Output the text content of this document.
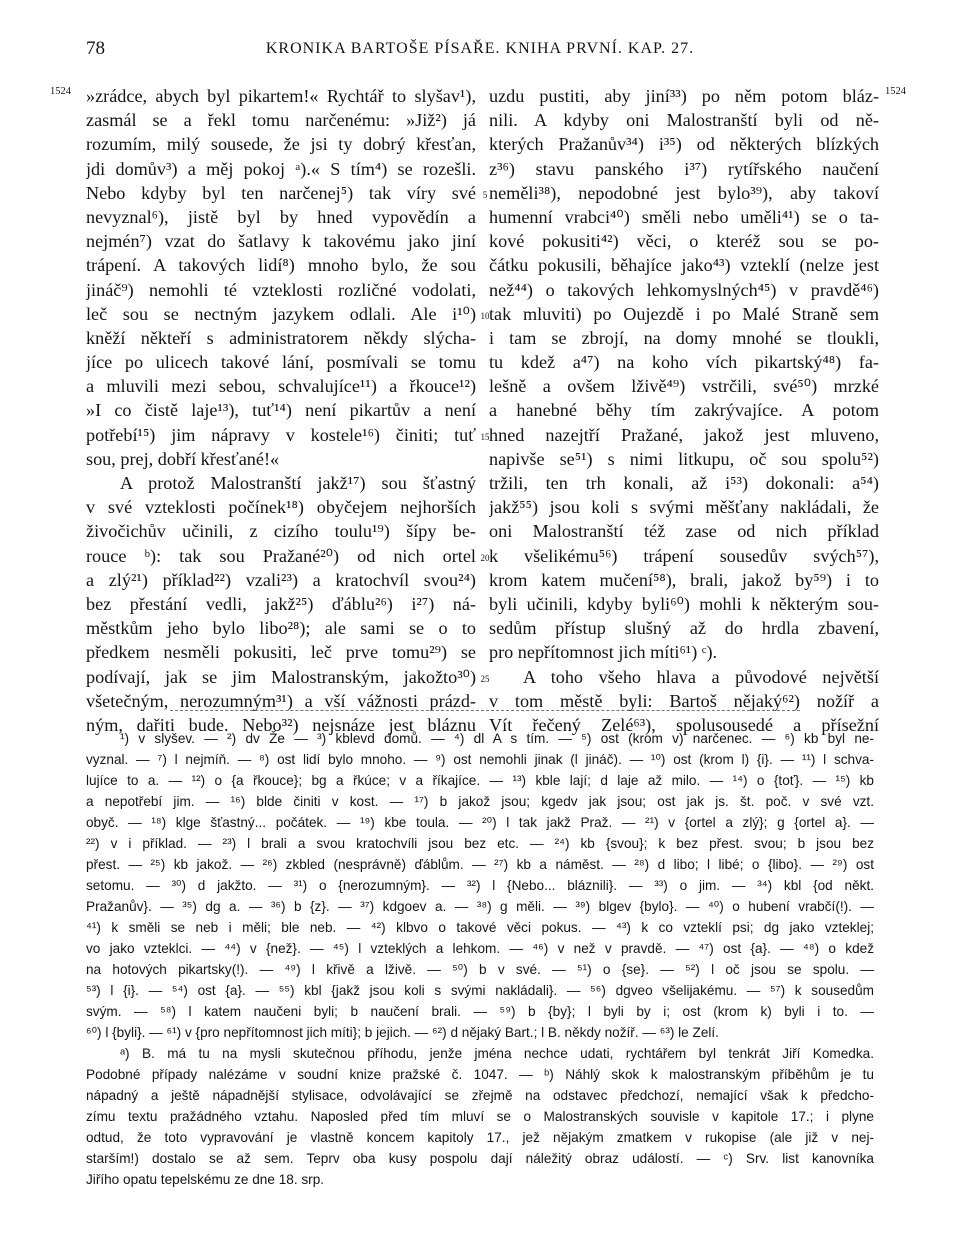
78	KRONIKA BARTOŠE PÍSAŘE. KNIHA PRVNÍ. KAP. 27.
1524	1524
5
10
15
20
25
»zrádce, abych byl pikartem!« Rychtář to slyšav¹),
zasmál se a řekl tomu narčenému: »Již²) já
rozumím, milý sousede, že jsi ty dobrý křesťan,
jdi domův³) a měj pokoj ᵃ).« S tím⁴) se rozešli.
Nebo kdyby byl ten narčenej⁵) tak víry své
nevyznal⁶), jistě byl by hned vypovědín a
nejmén⁷) vzat do šatlavy k takovému jako jiní
trápení. A takových lidí⁸) mnoho bylo, že sou
jináč⁹) nemohli té vzteklosti rozličné vodolati,
leč sou se nectným jazykem odlali. Ale i¹⁰)
kněží někteří s administratorem někdy slýcha-
jíce po ulicech takové lání, posmívali se tomu
a mluvili mezi sebou, schvalujíce¹¹) a řkouce¹²)
»I co čistě laje¹³), tuť¹⁴) není pikartův a není
potřebí¹⁵) jim nápravy v kostele¹⁶) činiti; tuť
sou, prej, dobří křesťané!«
A protož Malostranští jakž¹⁷) sou šťastný
v své vzteklosti počínek¹⁸) obyčejem nejhorších
živočichův učinili, z cizího toulu¹⁹) šípy be-
rouce ᵇ): tak sou Pražané²⁰) od nich ortel
a zlý²¹) příklad²²) vzali²³) a kratochvíl svou²⁴)
bez přestání vedli, jakž²⁵) ďáblu²⁶) i²⁷) ná-
městkům jeho bylo libo²⁸); ale sami se o to
předkem nesměli pokusiti, leč prve tomu²⁹) se
podívají, jak se jim Malostranským, jakožto³⁰)
všetečným, nerozumným³¹) a vší vážnosti prázd-
ným, dařiti bude. Nebo³²) nejsnáze jest bláznu
uzdu pustiti, aby jiní³³) po něm potom bláz-
nili. A kdyby oni Malostranští byli od ně-
kterých Pražanův³⁴) i³⁵) od některých blízkých
z³⁶) stavu panského i³⁷) rytířského naučení
neměli³⁸), nepodobné jest bylo³⁹), aby takoví
humenní vrabci⁴⁰) směli nebo uměli⁴¹) se o ta-
kové pokusiti⁴²) věci, o kteréž sou se po-
čátku pokusili, běhajíce jako⁴³) vzteklí (nelze jest
než⁴⁴) o takových lehkomyslných⁴⁵) v pravdě⁴⁶)
tak mluviti) po Oujezdě i po Malé Straně sem
i tam se zbrojí, na domy mnohé se tloukli,
tu kdež a⁴⁷) na koho vích pikartský⁴⁸) fa-
lešně a ovšem lživě⁴⁹) vstrčili, své⁵⁰) mrzké
a hanebné běhy tím zakrývajíce. A potom
hned nazejtří Pražané, jakož jest mluveno,
napivše se⁵¹) s nimi litkupu, oč sou spolu⁵²)
tržili, ten trh konali, až i⁵³) dokonali: a⁵⁴)
jakž⁵⁵) jsou koli s svými měšťany nakládali, že
oni Malostranští též zase od nich příklad
k všelikému⁵⁶) trápení sousedův svých⁵⁷),
krom katem mučení⁵⁸), brali, jakož by⁵⁹) i to
byli učinili, kdyby byli⁶⁰) mohli k některým sou-
sedům přístup slušný až do hrdla zbavení,
pro nepřítomnost jich míti⁶¹) ᶜ).
A toho všeho hlava a původové největší
v tom městě byli: Bartoš nějaký⁶²) nožíř a
Vít řečený Zelé⁶³), spolusousedé a přísežní
¹) v slyšev. — ²) dv Že — ³) kblevd domů. — ⁴) dl A s tím. — ⁵) ost (krom v) narčenec. — ⁶) kb byl ne-
vyznal. — ⁷) l nejmíň. — ⁸) ost lidí bylo mnoho. — ⁹) ost nemohli jinak (l jináč). — ¹⁰) ost (krom l) {i}. — ¹¹) l schva-
lujíce to a. — ¹²) o {a řkouce}; bg a řkúce; v a říkajíce. — ¹³) kble lají; d laje až milo. — ¹⁴) o {toť}. — ¹⁵) kb
a nepotřebí jim. — ¹⁶) blde činiti v kost. — ¹⁷) b jakož jsou; kgedv jak jsou; ost jak js. št. poč. v své vzt.
obyč. — ¹⁸) klge šťastný... počátek. — ¹⁹) kbe toula. — ²⁰) l tak jakž Praž. — ²¹) v {ortel a zlý}; g {ortel a}. —
²²) v i příklad. — ²³) l brali a svou kratochvíli jsou bez etc. — ²⁴) kb {svou}; k bez přest. svou; b jsou bez
přest. — ²⁵) kb jakož. — ²⁶) zkbled (nesprávně) ďáblům. — ²⁷) kb a náměst. — ²⁸) d libo; l libé; o {libo}. — ²⁹) ost
setomu. — ³⁰) d jakžto. — ³¹) o {nerozumným}. — ³²) l {Nebo... bláznili}. — ³³) o jim. — ³⁴) kbl {od někt.
Pražanův}. — ³⁵) dg a. — ³⁶) b {z}. — ³⁷) kdgoev a. — ³⁸) g měli. — ³⁹) blgev {bylo}. — ⁴⁰) o hubení vrabčí(!). —
⁴¹) k směli se neb i měli; ble neb. — ⁴²) klbvo o takové věci pokus. — ⁴³) k co vzteklí psi; dg jako vzteklej;
vo jako vzteklci. — ⁴⁴) v {než}. — ⁴⁵) l vzteklých a lehkom. — ⁴⁶) v než v pravdě. — ⁴⁷) ost {a}. — ⁴⁸) o kdež
na hotových pikartsky(!). — ⁴⁹) l křivě a lživě. — ⁵⁰) b v své. — ⁵¹) o {se}. — ⁵²) l oč jsou se spolu. —
⁵³) l {i}. — ⁵⁴) ost {a}. — ⁵⁵) kbl {jakž jsou koli s svými nakládali}. — ⁵⁶) dgveo všelijakému. — ⁵⁷) k sousedům
svým. — ⁵⁸) l katem naučeni byli; b naučení brali. — ⁵⁹) b {by}; l byli by i; ost (krom k) byli i to. —
⁶⁰) l {byli}. — ⁶¹) v {pro nepřítomnost jich míti}; b jejich. — ⁶²) d nějaký Bart.; l B. někdy nožíř. — ⁶³) le Zelí.
ᵃ) B. má tu na mysli skutečnou příhodu, jenže jména nechce udati, rychtářem byl tenkrát Jiří Komedka.
Podobné případy nalézáme v soudní knize pražské č. 1047. — ᵇ) Náhlý skok k malostranským příběhům je tu
nápadný a ještě nápadnější stylisace, odvolávající se zřejmě na odstavec předchozí, nemající však k předcho-
zímu textu pražádného vztahu. Naposled před tím mluví se o Malostranských souvisle v kapitole 17.; i plyne
odtud, že toto vypravování je vlastně koncem kapitoly 17., jež nějakým zmatkem v rukopise (ale již v nej-
starším!) dostalo se až sem. Teprv oba kusy pospolu dají náležitý obraz událostí. — ᶜ) Srv. list kanovníka
Jiřího opatu tepelskému ze dne 18. srp.
